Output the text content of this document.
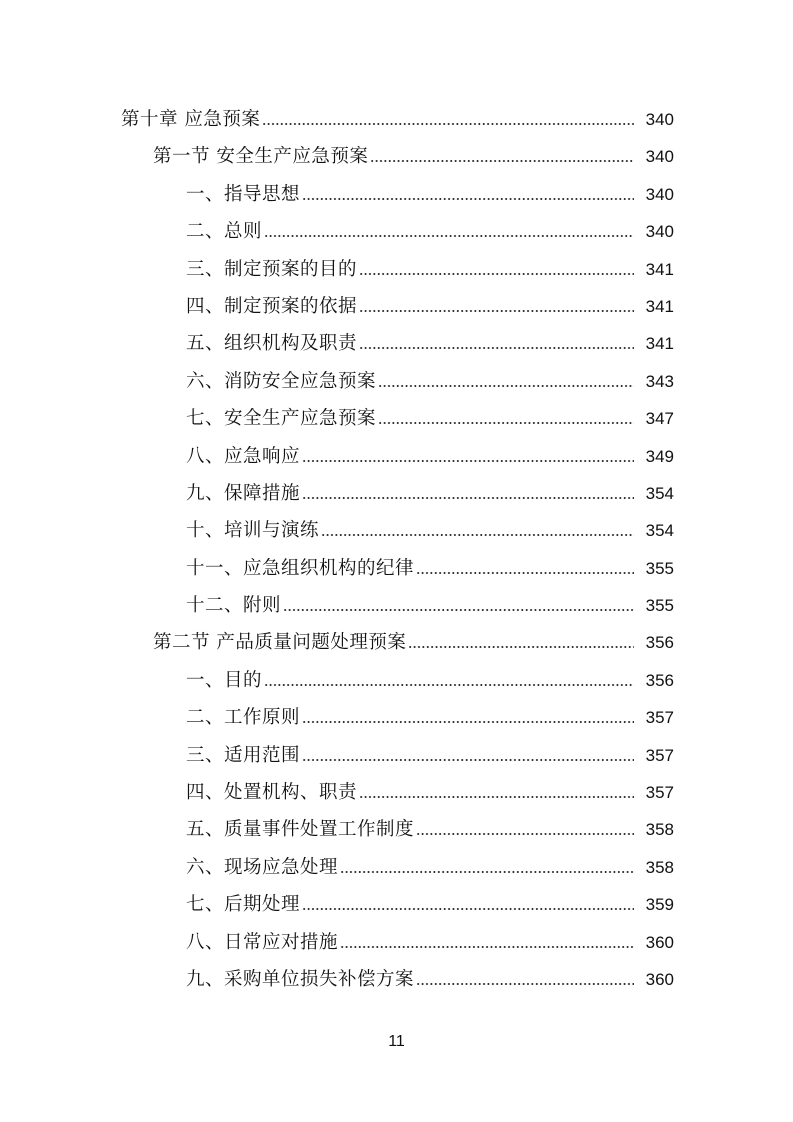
第十章 应急预案	340
第一节 安全生产应急预案	340
一、指导思想	340
二、总则	340
三、制定预案的目的	341
四、制定预案的依据	341
五、组织机构及职责	341
六、消防安全应急预案	343
七、安全生产应急预案	347
八、应急响应	349
九、保障措施	354
十、培训与演练	354
十一、应急组织机构的纪律	355
十二、附则	355
第二节 产品质量问题处理预案	356
一、目的	356
二、工作原则	357
三、适用范围	357
四、处置机构、职责	357
五、质量事件处置工作制度	358
六、现场应急处理	358
七、后期处理	359
八、日常应对措施	360
九、采购单位损失补偿方案	360
11
